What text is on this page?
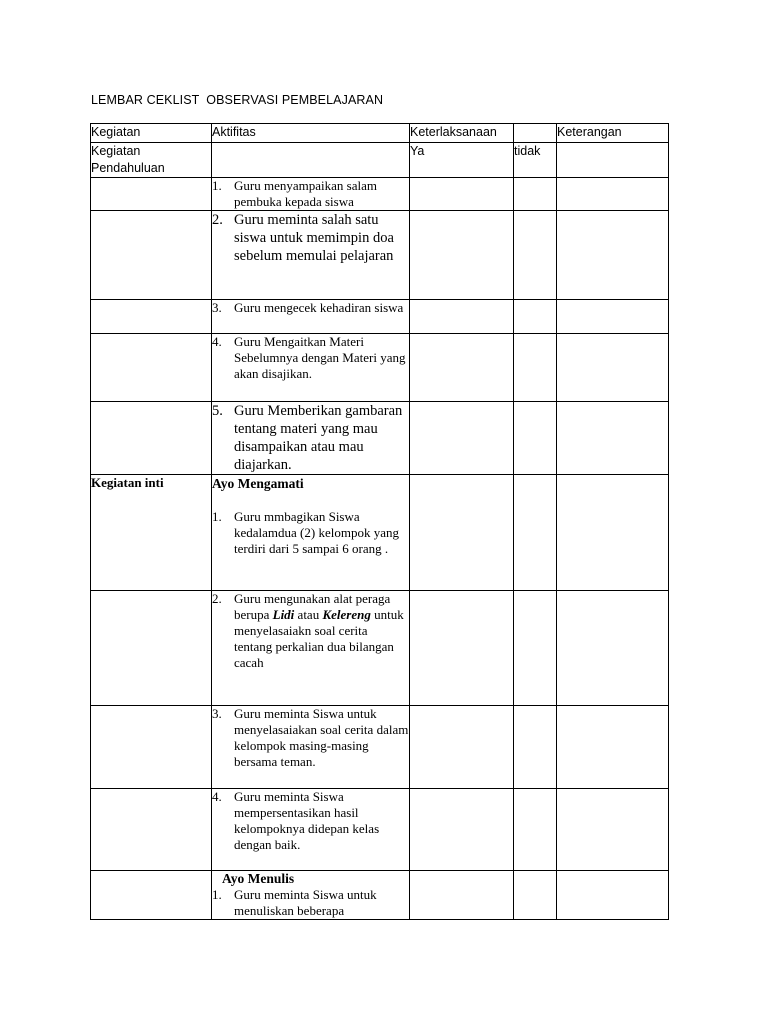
LEMBAR CEKLIST  OBSERVASI PEMBELAJARAN
Kegiatan	Aktifitas	Keterlaksanaan		Keterangan
Kegiatan Pendahuluan		Ya	tidak	

	1. Guru menyampaikan salam pembuka kepada siswa			

	2. Guru meminta salah satu siswa untuk memimpin doa sebelum memulai pelajaran			

	3. Guru mengecek kehadiran siswa			

	4. Guru Mengaitkan Materi Sebelumnya dengan Materi yang akan disajikan.			

	5. Guru Memberikan gambaran tentang materi yang mau disampaikan atau mau diajarkan.			

Kegiatan inti	Ayo Mengamati
1. Guru mmbagikan Siswa kedalamdua (2) kelompok yang terdiri dari 5 sampai 6 orang .			

	2. Guru mengunakan alat peraga berupa Lidi atau Kelereng untuk menyelasaiakn soal cerita tentang perkalian dua bilangan cacah			

	3. Guru meminta Siswa untuk menyelasaiakan soal cerita dalam kelompok masing-masing bersama teman.			

	4. Guru meminta Siswa mempersentasikan hasil kelompoknya didepan kelas dengan baik.			

	Ayo Menulis
1. Guru meminta Siswa untuk menuliskan beberapa			
